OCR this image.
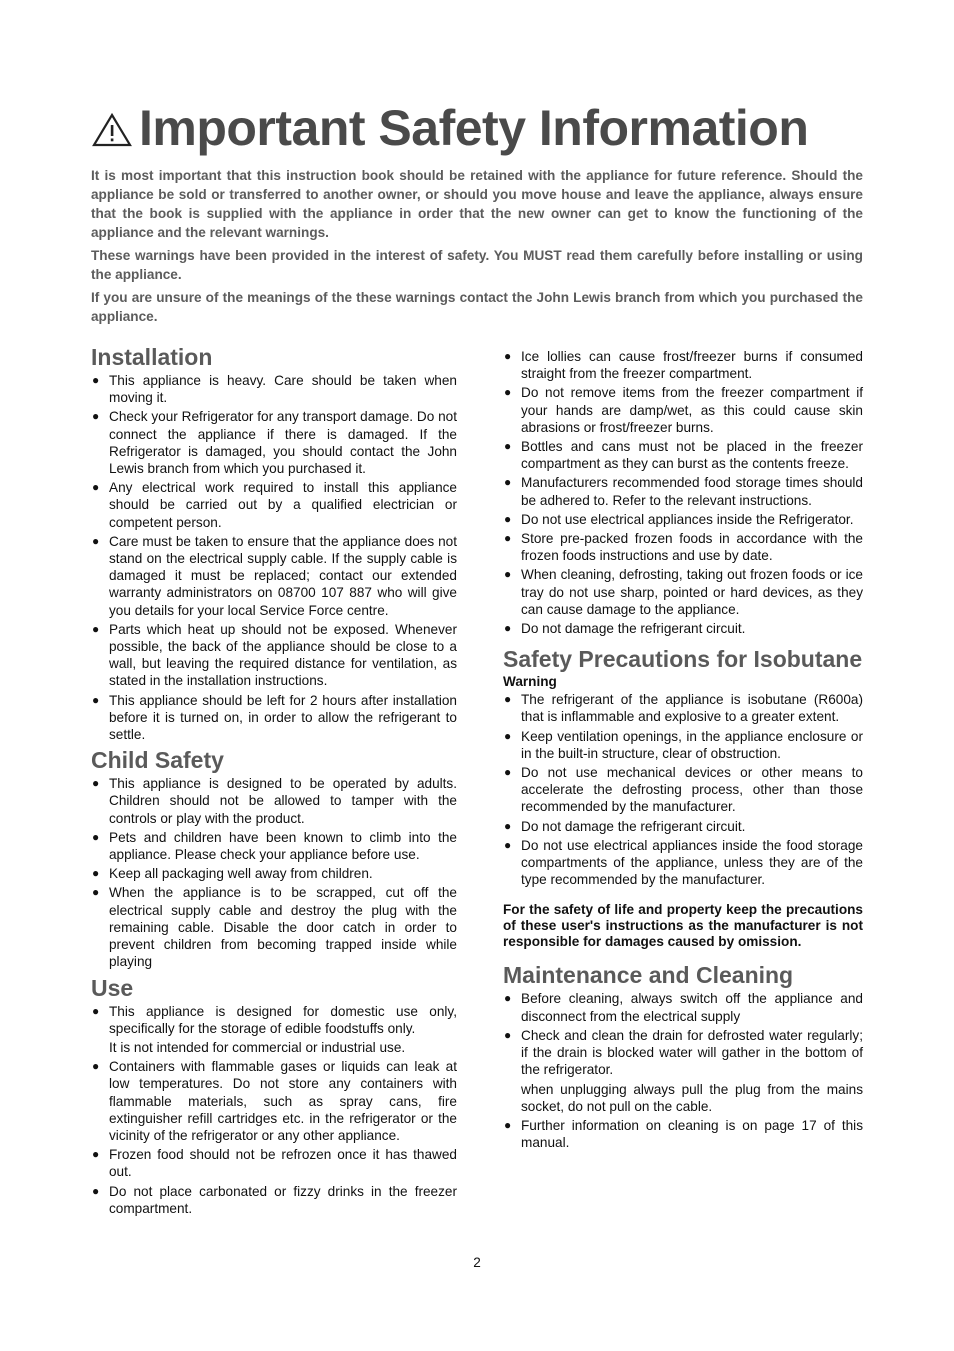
Important Safety Information

It is most important that this instruction book should be retained with the appliance for future reference. Should the appliance be sold or transferred to another owner, or should you move house and leave the appliance, always ensure that the book is supplied with the appliance in order that the new owner can get to know the functioning of the appliance and the relevant warnings.

These warnings have been provided in the interest of safety. You MUST read them carefully before installing or using the appliance.

If you are unsure of the meanings of the these warnings contact the John Lewis branch from which you purchased the appliance.

Installation
● This appliance is heavy. Care should be taken when moving it.
● Check your Refrigerator for any transport damage. Do not connect the appliance if there is damaged. If the Refrigerator is damaged, you should contact the John Lewis branch from which you purchased it.
● Any electrical work required to install this appliance should be carried out by a qualified electrician or competent person.
● Care must be taken to ensure that the appliance does not stand on the electrical supply cable. If the supply cable is damaged it must be replaced; contact our extended warranty administrators on 08700 107 887 who will give you details for your local Service Force centre.
● Parts which heat up should not be exposed. Whenever possible, the back of the appliance should be close to a wall, but leaving the required distance for ventilation, as stated in the installation instructions.
● This appliance should be left for 2 hours after installation before it is turned on, in order to allow the refrigerant to settle.
Child Safety
● This appliance is designed to be operated by adults. Children should not be allowed to tamper with the controls or play with the product.
● Pets and children have been known to climb into the appliance. Please check your appliance before use.
● Keep all packaging well away from children.
● When the appliance is to be scrapped, cut off the electrical supply cable and destroy the plug with the remaining cable. Disable the door catch in order to prevent children from becoming trapped inside while playing
Use
● This appliance is designed for domestic use only, specifically for the storage of edible foodstuffs only.
It is not intended for commercial or industrial use.
● Containers with flammable gases or liquids can leak at low temperatures. Do not store any containers with flammable materials, such as spray cans, fire extinguisher refill cartridges etc. in the refrigerator or the vicinity of the refrigerator or any other appliance.
● Frozen food should not be refrozen once it has thawed out.
● Do not place carbonated or fizzy drinks in the freezer compartment.
● Ice lollies can cause frost/freezer burns if consumed straight from the freezer compartment.
● Do not remove items from the freezer compartment if your hands are damp/wet, as this could cause skin abrasions or frost/freezer burns.
● Bottles and cans must not be placed in the freezer compartment as they can burst as the contents freeze.
● Manufacturers recommended food storage times should be adhered to. Refer to the relevant instructions.
● Do not use electrical appliances inside the Refrigerator.
● Store pre-packed frozen foods in accordance with the frozen foods instructions and use by date.
● When cleaning, defrosting, taking out frozen foods or ice tray do not use sharp, pointed or hard devices, as they can cause damage to the appliance.
● Do not damage the refrigerant circuit.
Safety Precautions for Isobutane

Warning

● The refrigerant of the appliance is isobutane (R600a) that is inflammable and explosive to a greater extent.
● Keep ventilation openings, in the appliance enclosure or in the built-in structure, clear of obstruction.
● Do not use mechanical devices or other means to accelerate the defrosting process, other than those recommended by the manufacturer.
● Do not damage the refrigerant circuit.
● Do not use electrical appliances inside the food storage compartments of the appliance, unless they are of the type recommended by the manufacturer.

For the safety of life and property keep the precautions of these user's instructions as the manufacturer is not responsible for damages caused by omission.

Maintenance and Cleaning
● Before cleaning, always switch off the appliance and disconnect from the electrical supply
● Check and clean the drain for defrosted water regularly; if the drain is blocked water will gather in the bottom of the refrigerator.
when unplugging always pull the plug from the mains socket, do not pull on the cable.
● Further information on cleaning is on page 17 of this manual.
2
